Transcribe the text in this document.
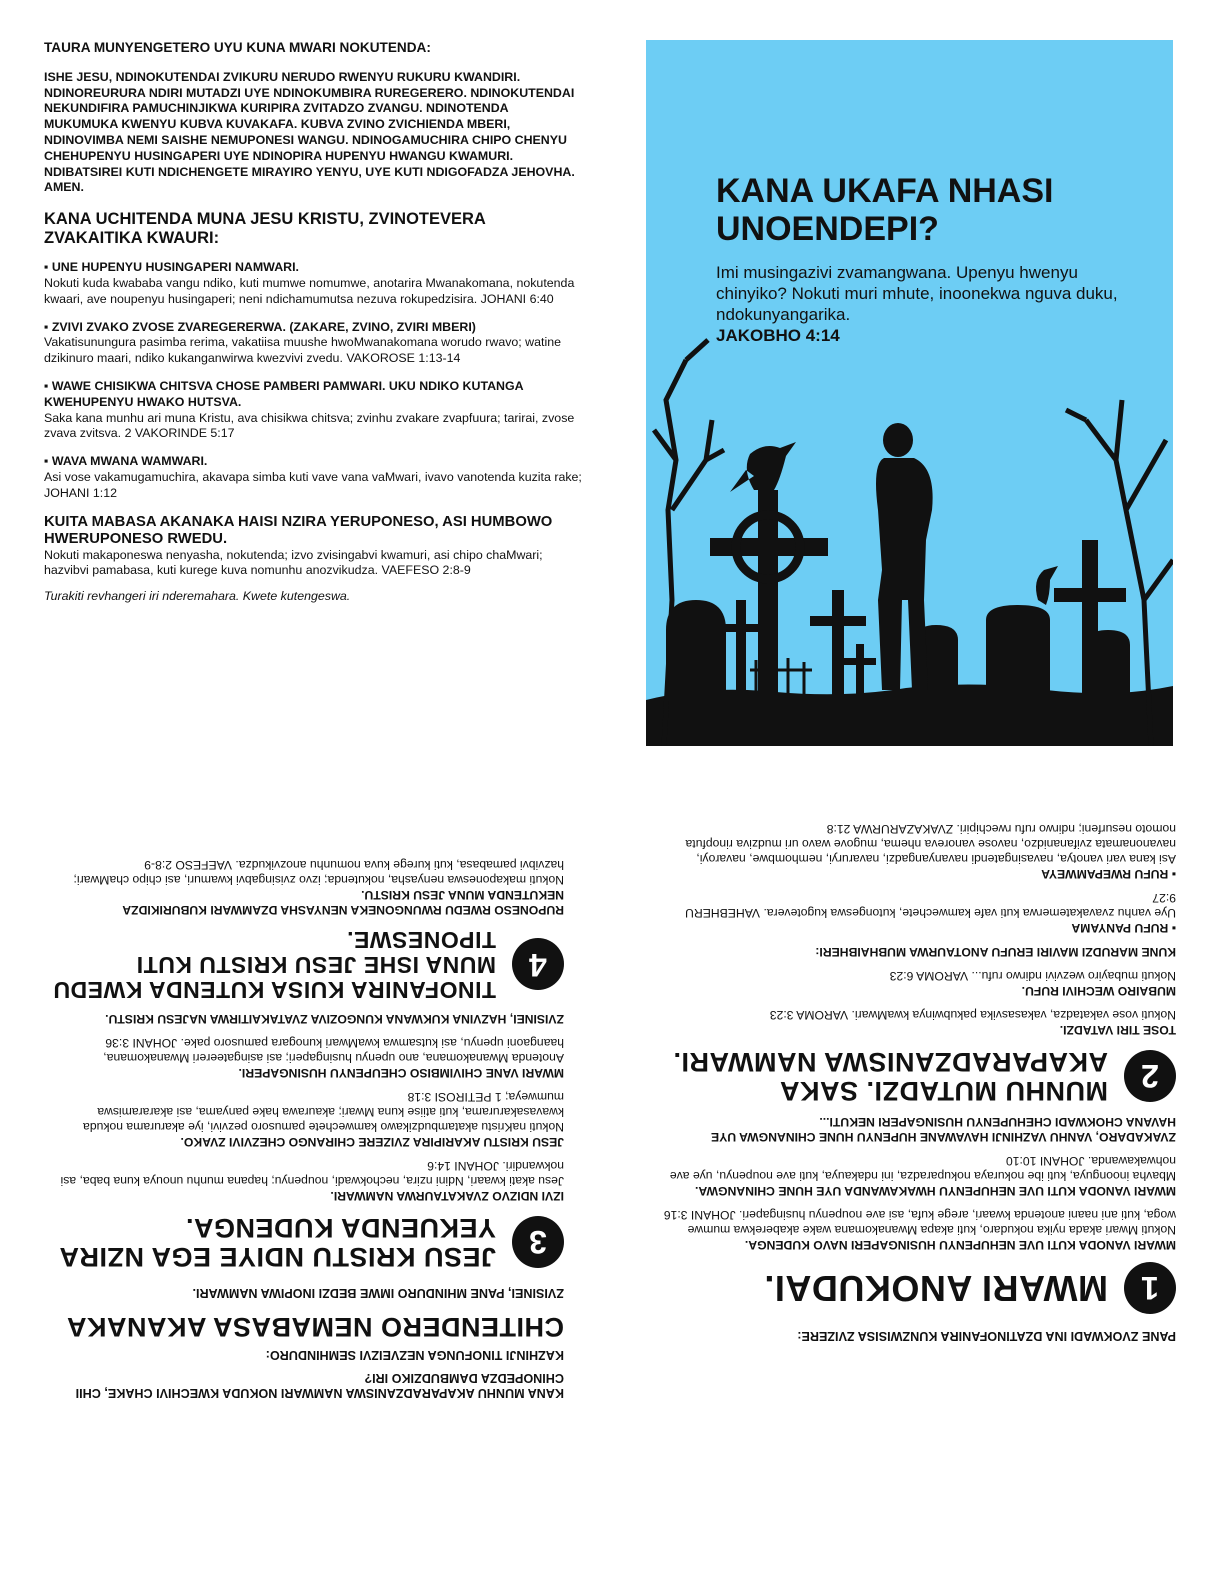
TAURA MUNYENGETERO UYU KUNA MWARI NOKUTENDA:
ISHE JESU, NDINOKUTENDAI ZVIKURU NERUDO RWENYU RUKURU KWANDIRI. NDINOREURURA NDIRI MUTADZI UYE NDINOKUMBIRA RUREGERERO. NDINOKUTENDAI NEKUNDIFIRA PAMUCHINJIKWA KURIPIRA ZVITADZO ZVANGU. NDINOTENDA MUKUMUKA KWENYU KUBVA KUVAKAFA. KUBVA ZVINO ZVICHIENDA MBERI, NDINOVIMBA NEMI SAISHE NEMUPONESI WANGU. NDINOGAMUCHIRA CHIPO CHENYU CHEHUPENYU HUSINGAPERI UYE NDINOPIRA HUPENYU HWANGU KWAMURI. NDIBATSIREI KUTI NDICHENGETE MIRAYIRO YENYU, UYE KUTI NDIGOFADZA JEHOVHA. AMEN.
KANA UCHITENDA MUNA JESU KRISTU, ZVINOTEVERA ZVAKAITIKA KWAURI:
▪ UNE HUPENYU HUSINGAPERI NAMWARI.
Nokuti kuda kwababa vangu ndiko, kuti mumwe nomumwe, anotarira Mwanakomana, nokutenda kwaari, ave noupenyu husingaperi; neni ndichamumutsa nezuva rokupedzisira. JOHANI 6:40
▪ ZVIVI ZVAKO ZVOSE ZVAREGERERWA. (ZAKARE, ZVINO, ZVIRI MBERI)
Vakatisunungura pasimba rerima, vakatiisa muushe hwoMwanakomana worudo rwavo; watine dzikinuro maari, ndiko kukanganwirwa kwezvivi zvedu. VAKOROSE 1:13-14
▪ WAWE CHISIKWA CHITSVA CHOSE PAMBERI PAMWARI. UKU NDIKO KUTANGA KWEHUPENYU HWAKO HUTSVA.
Saka kana munhu ari muna Kristu, ava chisikwa chitsva; zvinhu zvakare zvapfuura; tarirai, zvose zvava zvitsva. 2 VAKORINDE 5:17
▪ WAVA MWANA WAMWARI.
Asi vose vakamugamuchira, akavapa simba kuti vave vana vaMwari, ivavo vanotenda kuzita rake; JOHANI 1:12
KUITA MABASA AKANAKA HAISI NZIRA YERUPONESO, ASI HUMBOWO HWERUPONESO RWEDU.
Nokuti makaponeswa nenyasha, nokutenda; izvo zvisingabvi kwamuri, asi chipo chaMwari; hazvibvi pamabasa, kuti kurege kuva nomunhu anozvikudza. VAEFESO 2:8-9
Turakiti revhangeri iri nderemahara. Kwete kutengeswa.
KANA UKAFA NHASI UNOENDEPI?
Imi musingazivi zvamangwana. Upenyu hwenyu chinyiko? Nokuti muri mhute, inoonekwa nguva duku, ndokunyangarika.
JAKOBHO 4:14
PANE ZVOKWADI INA DZATINOFANIRA KUNZWISISA ZVIZERE:
1
MWARI ANOKUDAI.
MWARI VANODA KUTI UVE NEHUPENYU HUSINGAPERI NAVO KUDENGA.
Nokuti Mwari akada nyika nokudaro, kuti akapa Mwanakomana wake akaberekwa mumwe woga, kuti ani naani anotenda kwaari, arege kufa, asi ave noupenyu husingaperi. JOHANI 3:16
MWARI VANODA KUTI UVE NEHUPENYU HWAKAWANDA UYE HUNE CHINANGWA.
Mbavha inoonguya, kuti ibe nokuraya nokuparadza, ini ndakauya, kuti ave noupenyu, uye ave nohwakawanda. JOHANI 10:10
ZVAKADARO, VANHU VAZHINJI HAVAWANE HUPENYU HUNE CHINANGWA UYE HAVANA CHOKWADI CHEHUPENYU HUSINGAPERI NEKUTI...
2
MUNHU MUTADZI. SAKA AKAPARADZANISWA NAMWARI.
TOSE TIRI VATADZI.
Nokuti vose vakatadza, vakasasvika pakubwinya kwaMwari. VAROMA 3:23
MUBAIRO WECHIVI RUFU.
Nokuti mubayiro wezvivi ndirwo rufu... VAROMA 6:23
KUNE MARUDZI MAVIRI ERUFU ANOTAURWA MUBHAIBHERI:
▪ RUFU PANYAMA
Uye vanhu zvavakatemerwa kuti vafe kamwechete, kutongeswa kugotevera. VAHEBHERU 9:27
▪ RUFU RWEPAMWEYA
Asi kana vari vanotya, navasingatendi navanyangadzi, navaruryi, nemhombwe, navaroyi, navanonamata zvifananidzo, navose vanoreva nhema, mugove wavo uri mudziva rinopfuta nomoto nesurfeni; ndirwo rufu rwechipiri. ZVAKAZARURWA 21:8
KANA MUNHU AKAPARADZANISWA NAMWARI NOKUDA KWECHIVI CHAKE, CHII CHINOPEDZA DAMBUDZIKO IRI?
KAZHINJI TINOFUNGA NEZVEIZVI SEMHINDURO:
CHITENDERO NEMABASA AKANAKA
ZVISINEI, PANE MHINDURO IMWE BEDZI INOPIWA NAMWARI.
3
JESU KRISTU NDIYE EGA NZIRA YEKUENDA KUDENGA.
IZVI NDIZVO ZVAKATAURWA NAMWARI.
Jesu akati kwaari, Ndini nzira, nechokwadi, noupenyu; hapana munhu unouya kuna baba, asi nokwandiri. JOHANI 14:6
JESU KRISTU AKARIPIRA ZVIZERE CHIRANGO CHEZVIVI ZVAKO.
Nokuti naKristu akatambudzikawo kamwechete pamusoro pezvivi, iye akarurama nokuda kwavasakarurama, kuti atiise kuna Mwari; akaurawa hake panyama, asi akararamiswa mumweya; 1 PETIROSI 3:18
MWARI VANE CHIVIMBISO CHEUPENYU HUSINGAPERI.
Anotenda Mwanakomana, ano upenyu husingaperi; asi asingateereri Mwanakomana, haangaoni upenyu, asi kutsamwa kwaMwari kunogara pamusoro pake. JOHANI 3:36
ZVISINEI, HAZVINA KUKWANA KUNGOZIVA ZVATAKAITIRWA NAJESU KRISTU.
4
TINOFANIRA KUISA KUTENDA KWEDU MUNA ISHE JESU KRISTU KUTI TIPONESWE.
RUPONESO RWEDU RWUNGONEKA NENYASHA DZAMWARI KUBURIKIDZA NEKUTENDA MUNA JESU KRISTU.
Nokuti makaponeswa nenyasha, nokutenda; izvo zvisingabvi kwamuri, asi chipo chaMwari; hazvibvi pamabasa, kuti kurege kuva nomunhu anozvikudza. VAEFESO 2:8-9
